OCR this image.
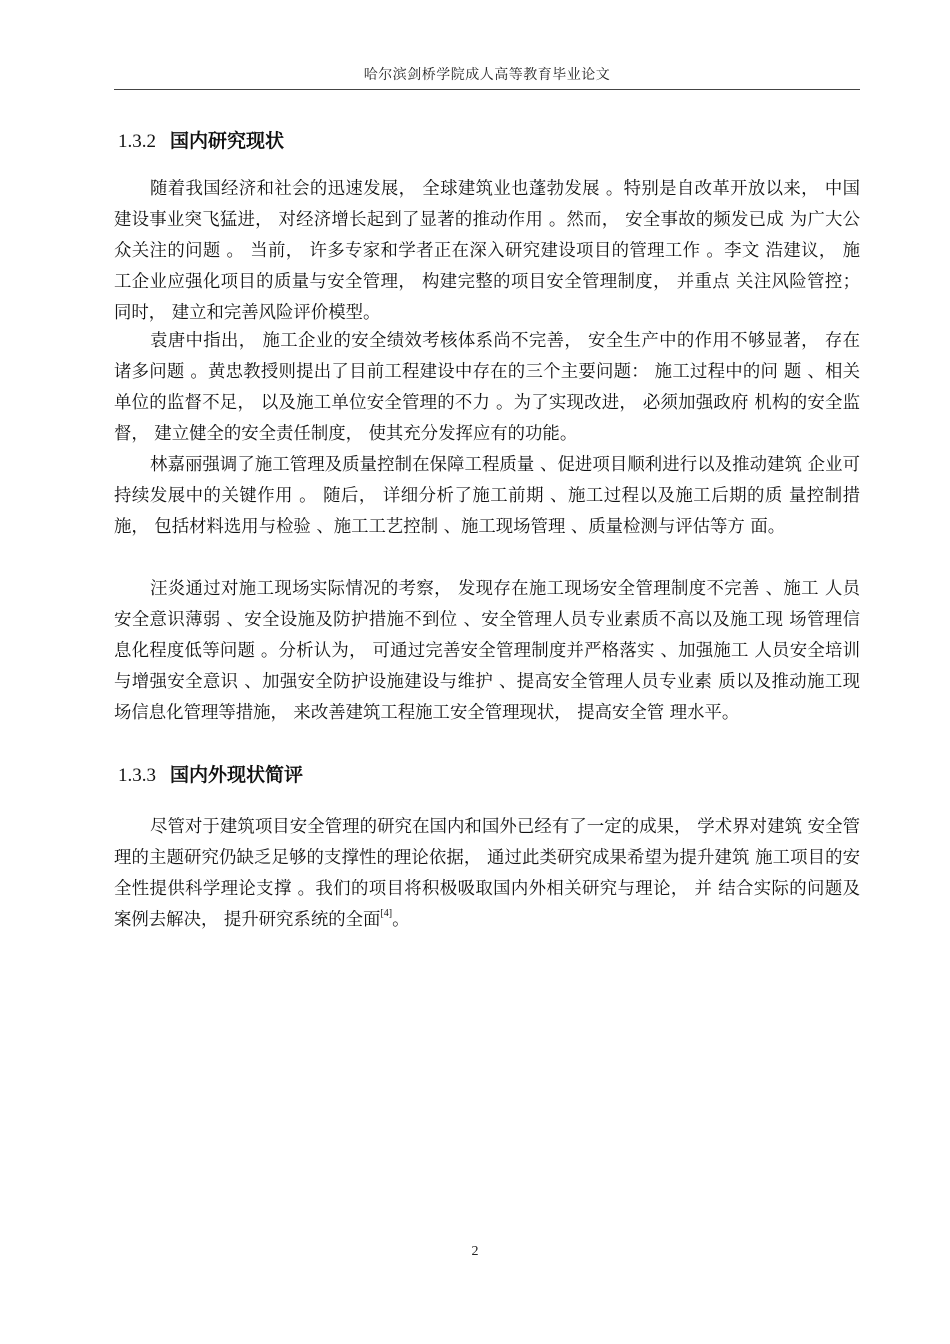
哈尔滨剑桥学院成人高等教育毕业论文
1.3.2 国内研究现状

随着我国经济和社会的迅速发展， 全球建筑业也蓬勃发展 。特别是自改革开放以来， 中国建设事业突飞猛进， 对经济增长起到了显著的推动作用 。然而， 安全事故的频发已成 为广大公众关注的问题 。 当前， 许多专家和学者正在深入研究建设项目的管理工作 。李文 浩建议， 施工企业应强化项目的质量与安全管理， 构建完整的项目安全管理制度， 并重点 关注风险管控； 同时， 建立和完善风险评价模型。

袁唐中指出， 施工企业的安全绩效考核体系尚不完善， 安全生产中的作用不够显著， 存在诸多问题 。黄忠教授则提出了目前工程建设中存在的三个主要问题： 施工过程中的问 题 、相关单位的监督不足， 以及施工单位安全管理的不力 。为了实现改进， 必须加强政府 机构的安全监督， 建立健全的安全责任制度， 使其充分发挥应有的功能。

林嘉丽强调了施工管理及质量控制在保障工程质量 、促进项目顺利进行以及推动建筑 企业可持续发展中的关键作用 。 随后， 详细分析了施工前期 、施工过程以及施工后期的质 量控制措施， 包括材料选用与检验 、施工工艺控制 、施工现场管理 、质量检测与评估等方 面。

汪炎通过对施工现场实际情况的考察， 发现存在施工现场安全管理制度不完善 、施工 人员安全意识薄弱 、安全设施及防护措施不到位 、安全管理人员专业素质不高以及施工现 场管理信息化程度低等问题 。分析认为， 可通过完善安全管理制度并严格落实 、加强施工 人员安全培训与增强安全意识 、加强安全防护设施建设与维护 、提高安全管理人员专业素 质以及推动施工现场信息化管理等措施， 来改善建筑工程施工安全管理现状， 提高安全管 理水平。

1.3.3 国内外现状简评

尽管对于建筑项目安全管理的研究在国内和国外已经有了一定的成果， 学术界对建筑 安全管理的主题研究仍缺乏足够的支撑性的理论依据， 通过此类研究成果希望为提升建筑 施工项目的安全性提供科学理论支撑 。我们的项目将积极吸取国内外相关研究与理论， 并 结合实际的问题及案例去解决， 提升研究系统的全面[4]。

2
